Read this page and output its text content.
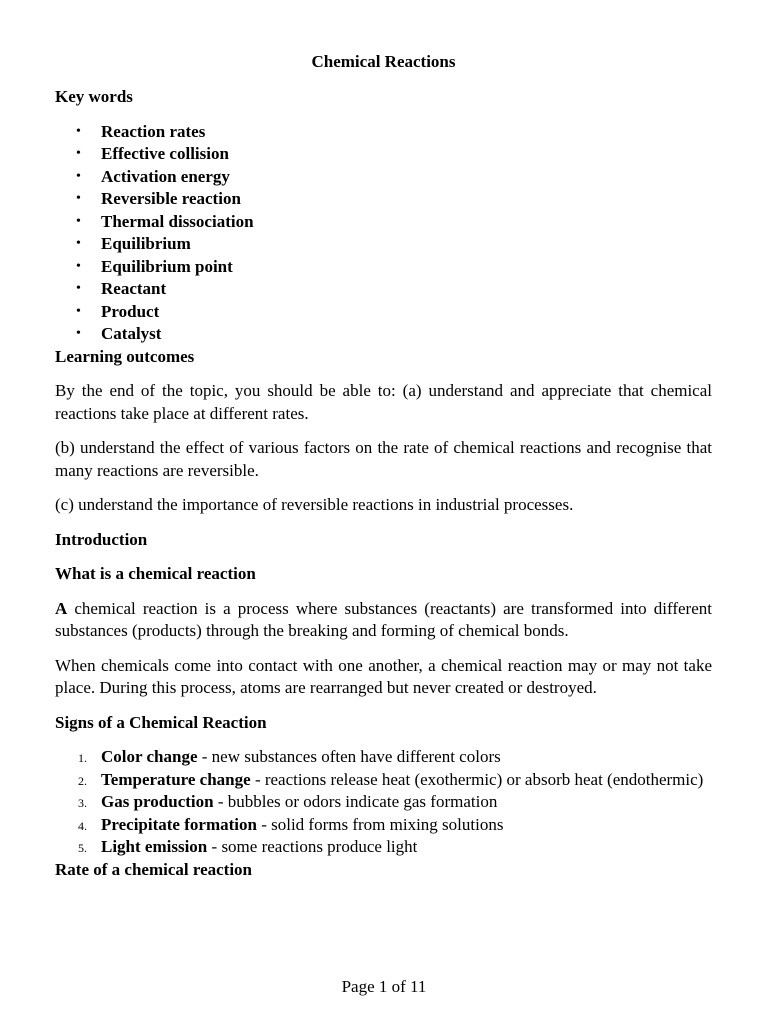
Chemical Reactions
Key words
• Reaction rates
• Effective collision
• Activation energy
• Reversible reaction
• Thermal dissociation
• Equilibrium
• Equilibrium point
• Reactant
• Product
• Catalyst
Learning outcomes

By the end of the topic, you should be able to: (a) understand and appreciate that chemical reactions take place at different rates.

(b) understand the effect of various factors on the rate of chemical reactions and recognise that many reactions are reversible.

(c) understand the importance of reversible reactions in industrial processes.

Introduction
What is a chemical reaction

A chemical reaction is a process where substances (reactants) are transformed into different substances (products) through the breaking and forming of chemical bonds.

When chemicals come into contact with one another, a chemical reaction may or may not take place. During this process, atoms are rearranged but never created or destroyed.

Signs of a Chemical Reaction
1. Color change - new substances often have different colors
2. Temperature change - reactions release heat (exothermic) or absorb heat (endothermic)
3. Gas production - bubbles or odors indicate gas formation
4. Precipitate formation - solid forms from mixing solutions
5. Light emission - some reactions produce light
Rate of a chemical reaction
Page 1 of 11
